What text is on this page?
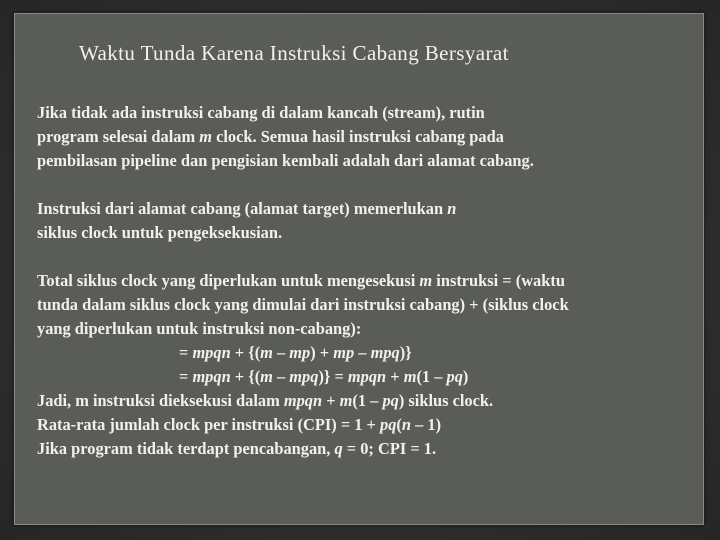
Waktu Tunda Karena Instruksi Cabang Bersyarat
Jika tidak ada instruksi cabang di dalam kancah (stream), rutin
program selesai dalam m clock. Semua hasil instruksi cabang pada
pembilasan pipeline dan pengisian kembali adalah dari alamat cabang.
Instruksi dari alamat cabang (alamat target) memerlukan n
siklus clock untuk pengeksekusian.
Total siklus clock yang diperlukan untuk mengesekusi m instruksi = (waktu
tunda dalam siklus clock yang dimulai dari instruksi cabang) + (siklus clock
yang diperlukan untuk instruksi non-cabang):
= mpqn + {(m – mp) + mp – mpq)}
= mpqn + {(m – mpq)} = mpqn + m(1 – pq)
Jadi, m instruksi dieksekusi dalam mpqn + m(1 – pq) siklus clock.
Rata-rata jumlah clock per instruksi (CPI) = 1 + pq(n – 1)
Jika program tidak terdapt pencabangan, q = 0; CPI = 1.
